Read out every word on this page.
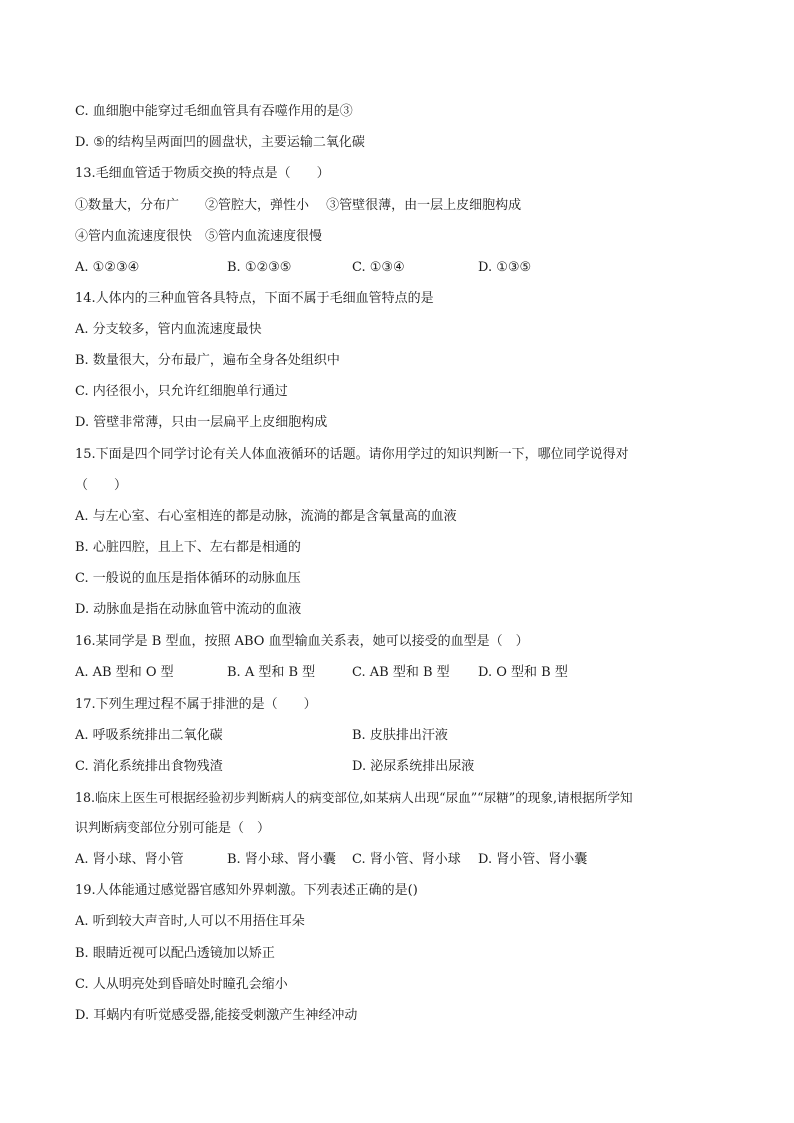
C. 血细胞中能穿过毛细血管具有吞噬作用的是③
D. ⑤的结构呈两面凹的圆盘状，主要运输二氧化碳
13.毛细血管适于物质交换的特点是（　　）
①数量大，分布广　　②管腔大，弹性小　 ③管壁很薄，由一层上皮细胞构成
④管内血流速度很快　⑤管内血流速度很慢
A. ①②③④	B. ①②③⑤	C. ①③④	D. ①③⑤
14.人体内的三种血管各具特点，下面不属于毛细血管特点的是
A. 分支较多，管内血流速度最快
B. 数量很大，分布最广，遍布全身各处组织中
C. 内径很小，只允许红细胞单行通过
D. 管壁非常薄，只由一层扁平上皮细胞构成
15.下面是四个同学讨论有关人体血液循环的话题。请你用学过的知识判断一下，哪位同学说得对
（　　）
A. 与左心室、右心室相连的都是动脉，流淌的都是含氧量高的血液
B. 心脏四腔，且上下、左右都是相通的
C. 一般说的血压是指体循环的动脉血压
D. 动脉血是指在动脉血管中流动的血液
16.某同学是 B 型血，按照 ABO 血型输血关系表，她可以接受的血型是（　）
A. AB 型和 O 型	B. A 型和 B 型	C. AB 型和 B 型 D. O 型和 B 型
17.下列生理过程不属于排泄的是（　　）
A. 呼吸系统排出二氧化碳	B. 皮肤排出汗液
C. 消化系统排出食物残渣	D. 泌尿系统排出尿液
18.临床上医生可根据经验初步判断病人的病变部位,如某病人出现“尿血”“尿糖”的现象,请根据所学知
识判断病变部位分别可能是（　）
A. 肾小球、肾小管	B. 肾小球、肾小囊 C. 肾小管、肾小球 D. 肾小管、肾小囊
19.人体能通过感觉器官感知外界刺激。下列表述正确的是()
A. 听到较大声音时,人可以不用捂住耳朵
B. 眼睛近视可以配凸透镜加以矫正
C. 人从明亮处到昏暗处时瞳孔会缩小
D. 耳蜗内有听觉感受器,能接受刺激产生神经冲动
